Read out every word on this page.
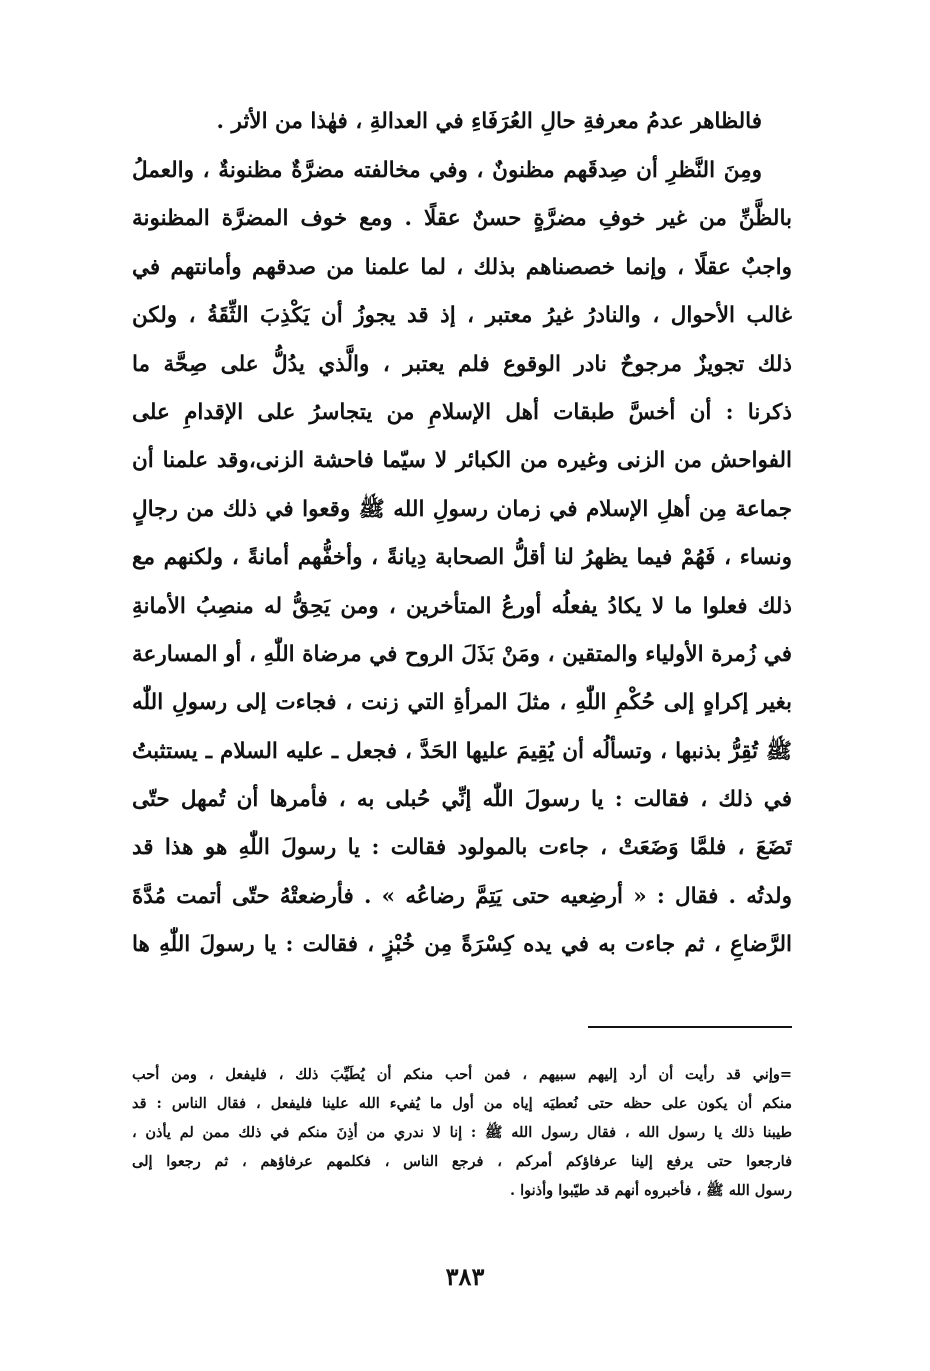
فالظاهر عدمُ معرفةِ حالِ العُرَفَاءِ في العدالةِ ، فهٰذا من الأثر .
ومِنَ النَّظرِ أن صِدقَهم مظنونٌ ، وفي مخالفته مضرَّةٌ مظنونةٌ ، والعملُ
بالظَّنِّ من غير خوفِ مضرَّةٍ حسنٌ عقلًا . ومع خوف المضرَّة المظنونة
واجبٌ عقلًا ، وإنما خصصناهم بذلك ، لما علمنا من صدقهم وأمانتهم في
غالب الأحوال ، والنادرُ غيرُ معتبر ، إذ قد يجوزُ أن يَكْذِبَ الثِّقَةُ ، ولكن
ذلك تجويزٌ مرجوحٌ نادر الوقوع فلم يعتبر ، والَّذي يدُلُّ على صِحَّة ما
ذكرنا : أن أخسَّ طبقات أهل الإسلامِ من يتجاسرُ على الإقدامِ على
الفواحش من الزنى وغيره من الكبائر لا سيّما فاحشة الزنى،وقد علمنا أن
جماعة مِن أهلِ الإسلام في زمان رسولِ الله ﷺ وقعوا في ذلك من رجالٍ
ونساء ، فَهُمْ فيما يظهرُ لنا أقلُّ الصحابة دِيانةً ، وأخفُّهم أمانةً ، ولكنهم مع
ذلك فعلوا ما لا يكادُ يفعلُه أورعُ المتأخرين ، ومن يَحِقُّ له منصِبُ الأمانةِ
في زُمرة الأولياء والمتقين ، ومَنْ بَذَلَ الروح في مرضاة اللّٰهِ ، أو المسارعة
بغير إكراهٍ إلى حُكْمِ اللّٰهِ ، مثلَ المرأةِ التي زنت ، فجاءت إلى رسولِ اللّٰه
ﷺ تُقِرُّ بذنبها ، وتسألُه أن يُقِيمَ عليها الحَدَّ ، فجعل ـ عليه السلام ـ يستثبتُ
في ذلك ، فقالت : يا رسولَ اللّٰه إنِّي حُبلى به ، فأمرها أن تُمهل حتّى
تَضَعَ ، فلمَّا وَضَعَتْ ، جاءت بالمولود فقالت : يا رسولَ اللّٰهِ هو هذا قد
ولدتُه . فقال : « أرضِعيه حتى يَتِمَّ رضاعُه » . فأرضعتْهُ حتّى أتمت مُدَّةَ
الرَّضاعِ ، ثم جاءت به في يده كِسْرَةً مِن خُبْزٍ ، فقالت : يا رسولَ اللّٰهِ ها
=وإني قد رأيت أن أرد إليهم سبيهم ، فمن أحب منكم أن يُطَيِّبَ ذلك ، فليفعل ، ومن أحب
منكم أن يكون على حظه حتى نُعطيَه إياه من أول ما يُفيء الله علينا فليفعل ، فقال الناس : قد
طيبنا ذلك يا رسول الله ، فقال رسول الله ﷺ : إنا لا ندري من أذِنَ منكم في ذلك ممن لم يأذن ،
فارجعوا حتى يرفع إلينا عرفاؤكم أمركم ، فرجع الناس ، فكلمهم عرفاؤهم ، ثم رجعوا إلى
رسول الله ﷺ ، فأخبروه أنهم قد طيّبوا وأذنوا .
٣٨٣
